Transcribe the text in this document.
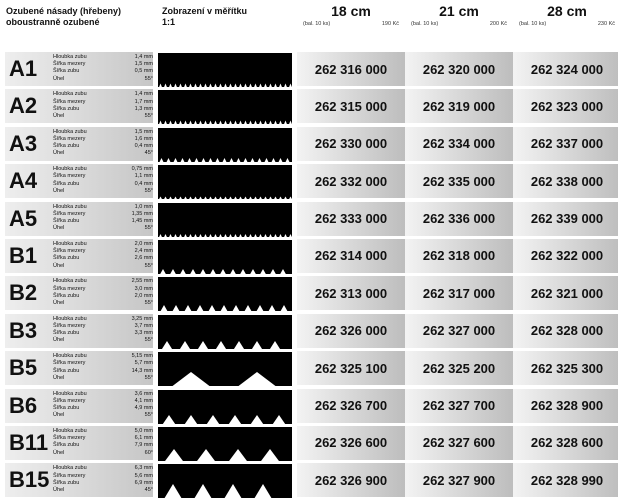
Ozubené násady (hřebeny)
oboustranně ozubené
Zobrazení v měřítku
1:1
18 cm
(bal. 10 ks)	190 Kč
21 cm
(bal. 10 ks)	200 Kč
28 cm
(bal. 10 ks)	230 Kč
A1	Hloubka zubu	1,4 mm
Šířka mezery	1,5 mm
Šířka zubu	0,5 mm
Úhel	55°
262 316 000	262 320 000	262 324 000
A2	Hloubka zubu	1,4 mm
Šířka mezery	1,7 mm
Šířka zubu	1,3 mm
Úhel	55°
262 315 000	262 319 000	262 323 000
A3	Hloubka zubu	1,5 mm
Šířka mezery	1,6 mm
Šířka zubu	0,4 mm
Úhel	45°
262 330 000	262 334 000	262 337 000
A4	Hloubka zubu	0,75 mm
Šířka mezery	1,1 mm
Šířka zubu	0,4 mm
Úhel	55°
262 332 000	262 335 000	262 338 000
A5	Hloubka zubu	1,0 mm
Šířka mezery	1,35 mm
Šířka zubu	1,45 mm
Úhel	55°
262 333 000	262 336 000	262 339 000
B1	Hloubka zubu	2,0 mm
Šířka mezery	2,4 mm
Šířka zubu	2,6 mm
Úhel	55°
262 314 000	262 318 000	262 322 000
B2	Hloubka zubu	2,55 mm
Šířka mezery	3,0 mm
Šířka zubu	2,0 mm
Úhel	55°
262 313 000	262 317 000	262 321 000
B3	Hloubka zubu	3,25 mm
Šířka mezery	3,7 mm
Šířka zubu	3,3 mm
Úhel	55°
262 326 000	262 327 000	262 328 000
B5	Hloubka zubu	5,15 mm
Šířka mezery	5,7 mm
Šířka zubu	14,3 mm
Úhel	55°
262 325 100	262 325 200	262 325 300
B6	Hloubka zubu	3,6 mm
Šířka mezery	4,1 mm
Šířka zubu	4,9 mm
Úhel	55°
262 326 700	262 327 700	262 328 900
B11 Hloubka zubu	5,0 mm
Šířka mezery	6,1 mm
Šířka zubu	7,9 mm
Úhel	60°
262 326 600	262 327 600	262 328 600
B15 Hloubka zubu	6,3 mm
Šířka mezery	5,6 mm
Šířka zubu	6,9 mm
Úhel	45°
262 326 900	262 327 900	262 328 990
